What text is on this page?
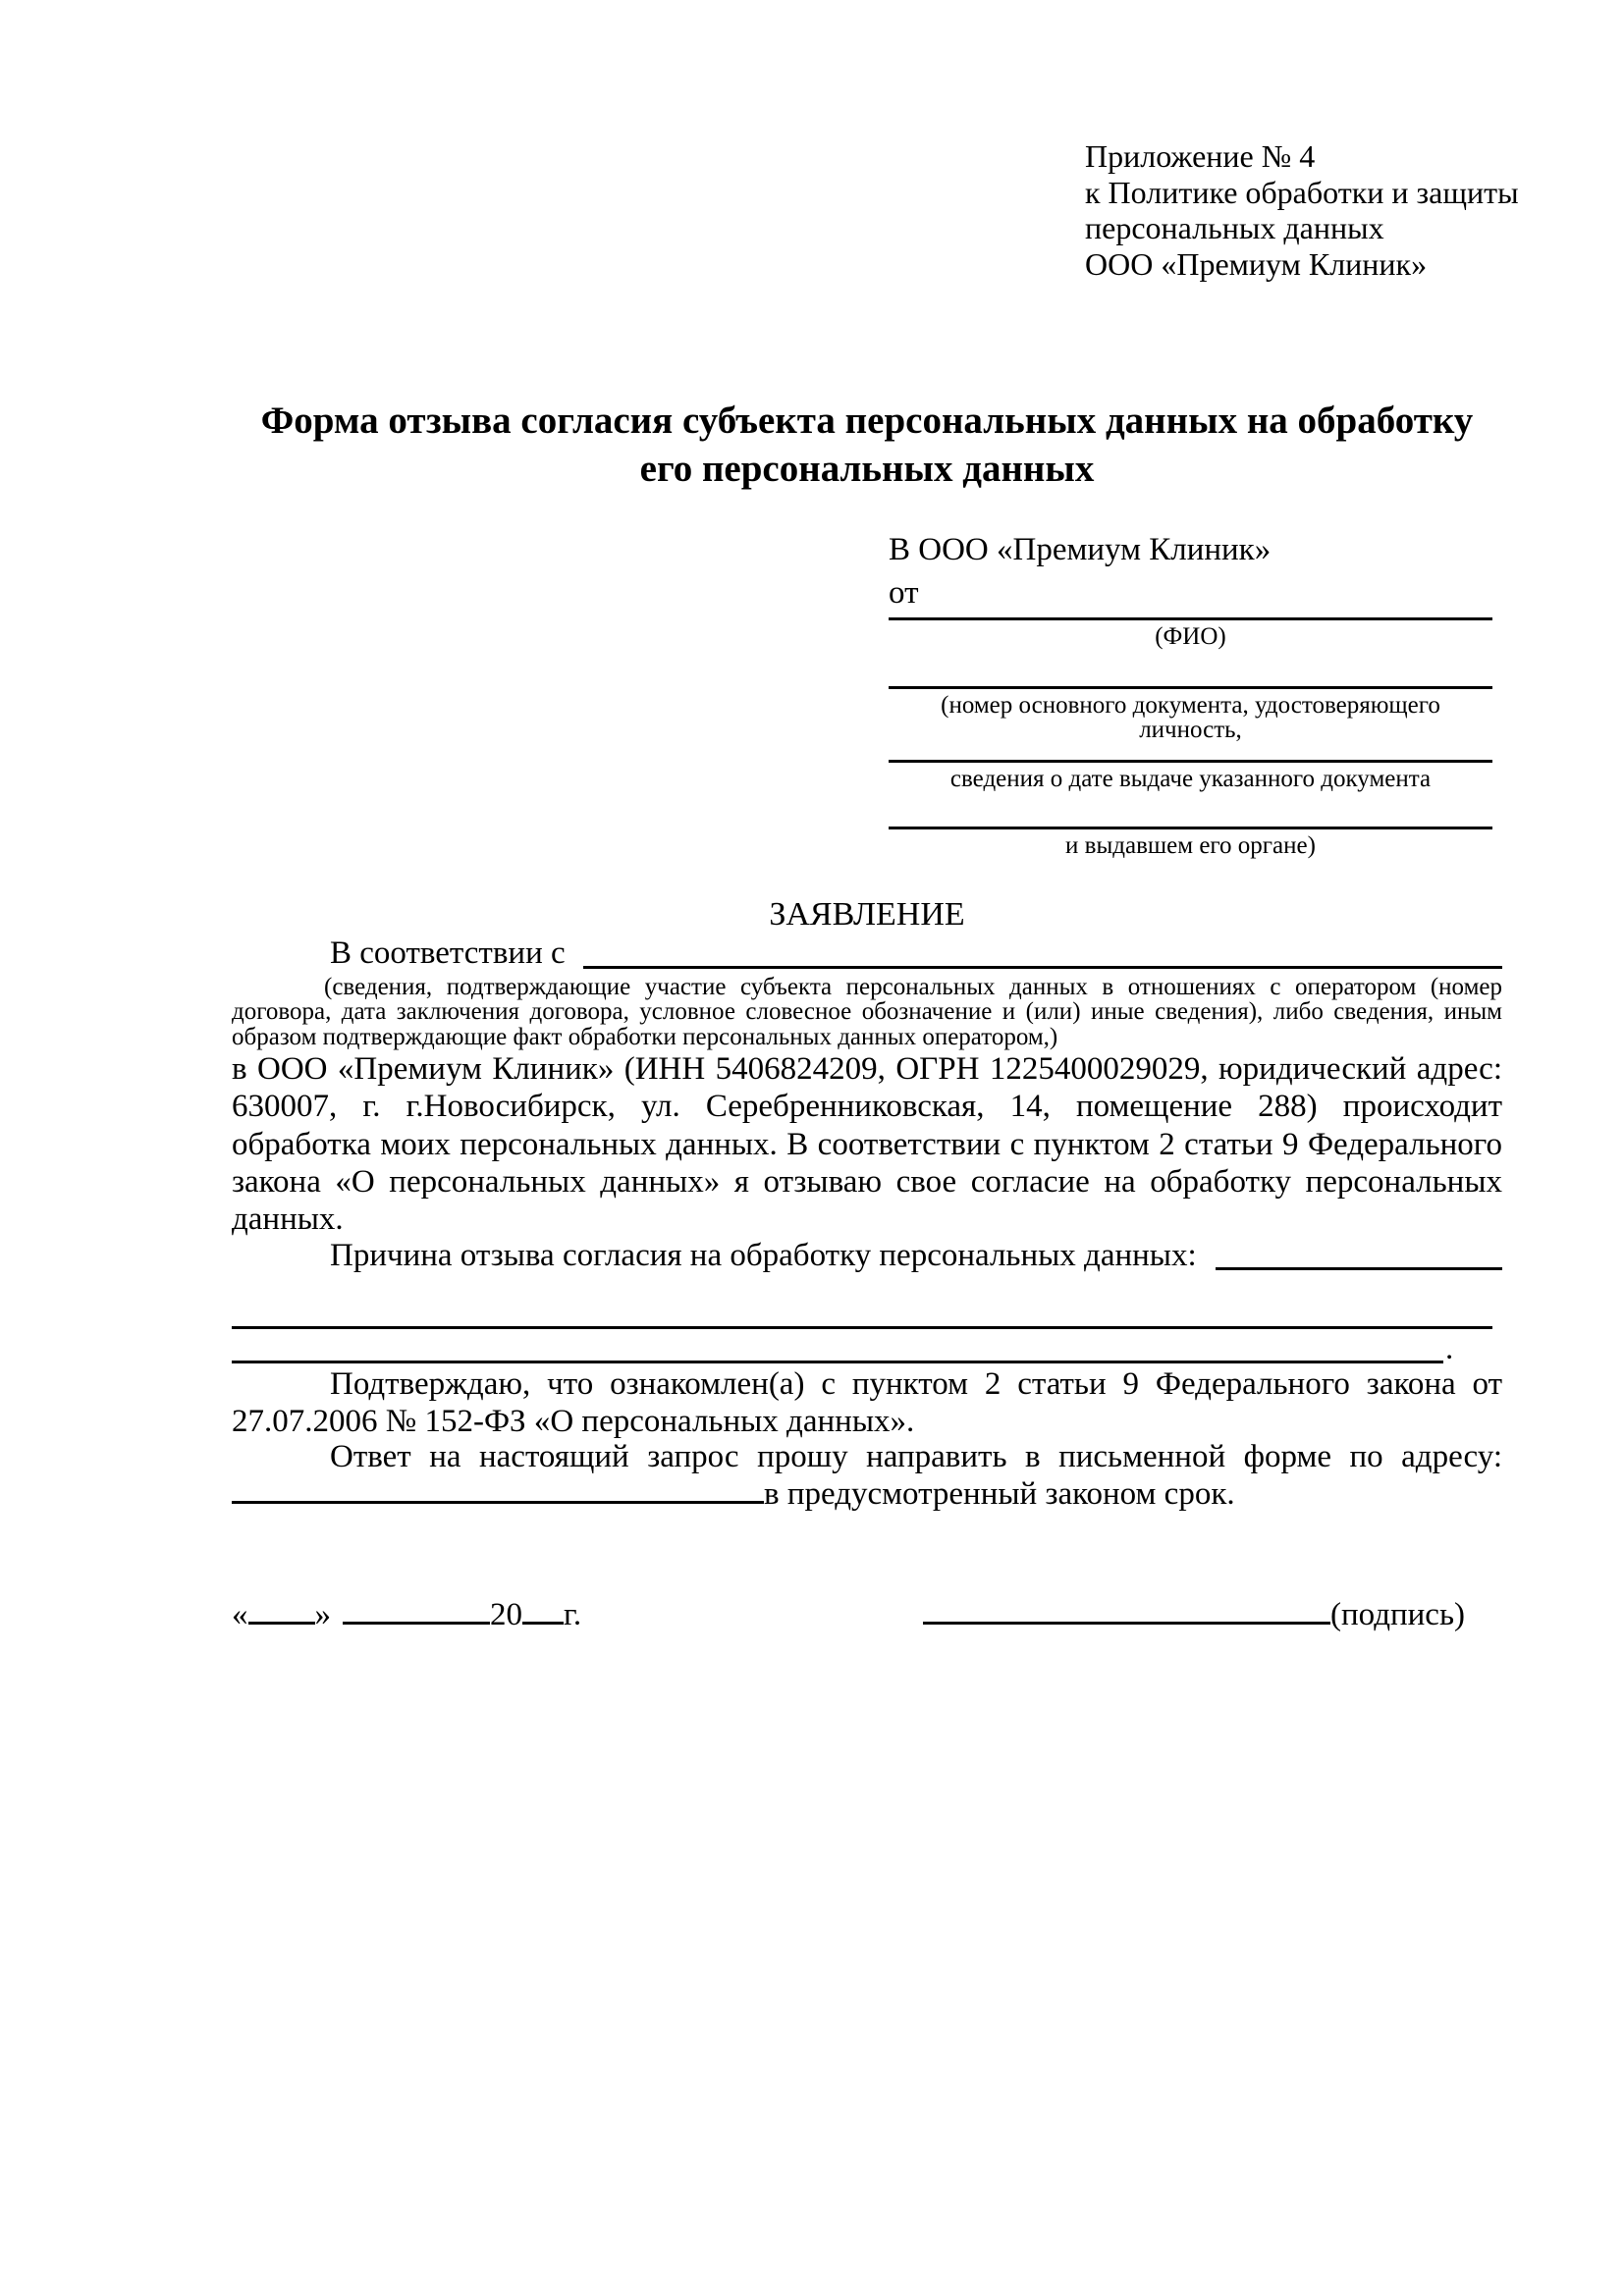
Приложение № 4
к Политике обработки и защиты
персональных данных
ООО «Премиум Клиник»
Форма отзыва согласия субъекта персональных данных на обработку его персональных данных
В ООО «Премиум Клиник»
от
(ФИО)
(номер основного документа, удостоверяющего личность,
сведения о дате выдаче указанного документа
и выдавшем его органе)
ЗАЯВЛЕНИЕ
В соответствии с
(сведения, подтверждающие участие субъекта персональных данных в отношениях с оператором (номер договора, дата заключения договора, условное словесное обозначение и (или) иные сведения), либо сведения, иным образом подтверждающие факт обработки персональных данных оператором,)
в ООО «Премиум Клиник» (ИНН 5406824209, ОГРН 1225400029029, юридический адрес: 630007, г. г.Новосибирск, ул. Серебренниковская, 14, помещение 288) происходит обработка моих персональных данных. В соответствии с пунктом 2 статьи 9 Федерального закона «О персональных данных» я отзываю свое согласие на обработку персональных данных.
Причина отзыва согласия на обработку персональных данных:
.
Подтверждаю, что ознакомлен(а) с пунктом 2 статьи 9 Федерального закона от 27.07.2006 № 152-ФЗ «О персональных данных».
Ответ на настоящий запрос прошу направить в письменной форме по адресу: в предусмотренный законом срок.
« »	20 г.	(подпись)
